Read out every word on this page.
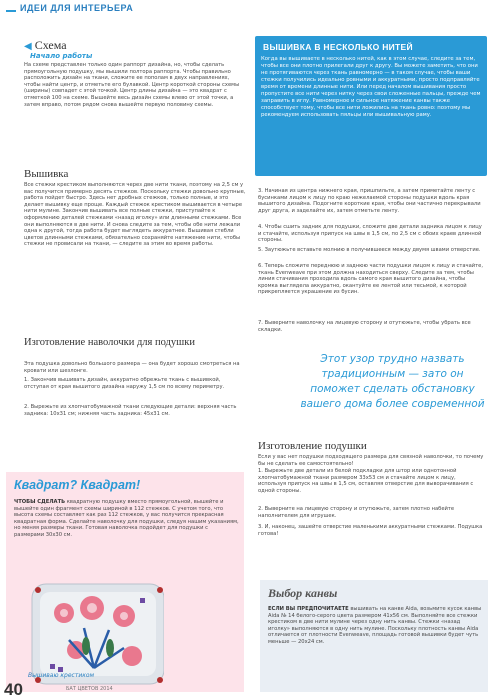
ИДЕИ ДЛЯ ИНТЕРЬЕРА
◀ Схема
Начало работы
На схеме представлен только один раппорт дизайна, но, чтобы сделать прямоугольную подушку, мы вышили полтора раппорта. Чтобы правильно расположить дизайн на ткани, сложите ее пополам в двух направлениях, чтобы найти центр, и отметьте его булавкой. Центр короткой стороны схемы (ширины) совпадет с этой точкой. Центр длины дизайна — это квадрат с отметкой 100 на схеме. Вышейте весь дизайн схемы влево от этой точки, а затем вправо, потом рядом снова вышейте первую половину схемы.
ВЫШИВКА В НЕСКОЛЬКО НИТЕЙ
Когда вы вышиваете в несколько нитей, как в этом случае, следите за тем, чтобы все они плотно прилегали друг к другу. Вы можете заметить, что они не протягиваются через ткань равномерно — в таком случае, чтобы ваши стежки получились идеально ровными и аккуратными, просто подправляйте время от времени длинные нити. Или перед началом вышивания просто пропустите все нити через нитку через свои сложенные пальцы, прежде чем заправить в иглу. Равномерное и сильное натяжение канвы также способствует тому, чтобы все нити ложились на ткань ровно: поэтому мы рекомендуем использовать пяльцы или вышивальную раму.
Вышивка
Все стежки крестиком выполняются через две нити ткани, поэтому на 2,5 см у вас получится примерно десять стежков. Поскольку стежки довольно крупные, работа пойдет быстро. Здесь нет дробных стежков, только полные, и это делает вышивку еще проще. Каждый стежок крестиком вышивается в четыре нити мулине. Закончив вышивать все полные стежки, приступайте к оформлению деталей стежками «назад иголку» или длинными стежками. Все они выполняются в две нити. И снова следите за тем, чтобы обе нити лежали одна к другой, тогда работа будет выглядеть аккуратнее. Вышивая стебли цветов длинными стежками, обязательно сохраняйте натяжение нити, чтобы стежки не провисали на ткани, — следите за этим во время работы.
Изготовление наволочки для подушки
Эта подушка довольно большого размера — она будет хорошо смотреться на кровати или шезлонге.
1. Закончив вышивать дизайн, аккуратно обрежьте ткань с вышивкой, отступая от края вышитого дизайна наружу 1,5 см по всему периметру.
2. Вырежьте из хлопчатобумажной ткани следующие детали: верхняя часть задника: 10х31 см; нижняя часть задника: 45х31 см.
3. Начиная из центра нижнего края, пришпильте, а затем приметайте ленту с бусинками лицом к лицу по краю нежелаемой стороны подушки вдоль края вышитого дизайна. Подогните короткие края, чтобы они частично перекрывали друг друга, и заделайте их, затем отметьте ленту.
4. Чтобы сшить задник для подушки, сложите две детали задника лицом к лицу и стачайте, используя припуск на швы в 1,5 см, по 2,5 см с обоих краев длинной стороны.
5. Заутюжьте вставьте молнию в получившееся между двумя швами отверстие.
6. Теперь сложите переднюю и заднюю части подушки лицом к лицу и стачайте, ткань Evenweave при этом должна находиться сверху. Следите за тем, чтобы линия стачивания проходила вдоль самого края вышитого дизайна, чтобы кромка выглядела аккуратно, окантуйте ее лентой или тесьмой, к которой прикрепляется украшение из бусин.
7. Выверните наволочку на лицевую сторону и отутюжьте, чтобы убрать все складки.
Этот узор трудно назвать традиционным — зато он поможет сделать обстановку вашего дома более современной
Квадрат? Квадрат!
ЧТОБЫ СДЕЛАТЬ квадратную подушку вместо прямоугольной, вышейте и вышейте один фрагмент схемы шириной в 112 стежков. С учетом того, что высота схемы составляет как раз 112 стежков, у вас получится прекрасная квадратная форма. Сделайте наволочку для подушки, следуя нашим указаниям, но меняя размеры ткани. Готовая наволочка подойдет для подушки с размерами 30х30 см.
Изготовление подушки
Если у вас нет подушки подходящего размера для связной наволочки, то почему бы не сделать ее самостоятельно!
1. Вырежьте две детали из белой подкладки для штор или однотонной хлопчатобумажной ткани размером 33х53 см и стачайте лицом к лицу, используя припуск на швы в 1,5 см, оставляя отверстие для выворачивания с одной стороны.
2. Выверните на лицевую сторону и отутюжьте, затем плотно набейте наполнителем для игрушек.
3. И, наконец, зашейте отверстие маленькими аккуратными стежками. Подушка готова!
Выбор канвы
ЕСЛИ ВЫ ПРЕДПОЧИТАЕТЕ вышивать на канве Aida, возьмите кусок канвы Aida № 14 белого-серого цвета размером 41х56 см. Выполняйте все стежки крестиком в две нити мулине через одну нить канвы. Стежки «назад иголку» выполняются в одну нить мулине. Поскольку плотность канвы Aida отличается от плотности Evenweave, площадь готовой вышивки будет чуть меньше — 20х24 см.
40
Вышиваю крестиком
БАТ ЦВЕТОВ 2014
